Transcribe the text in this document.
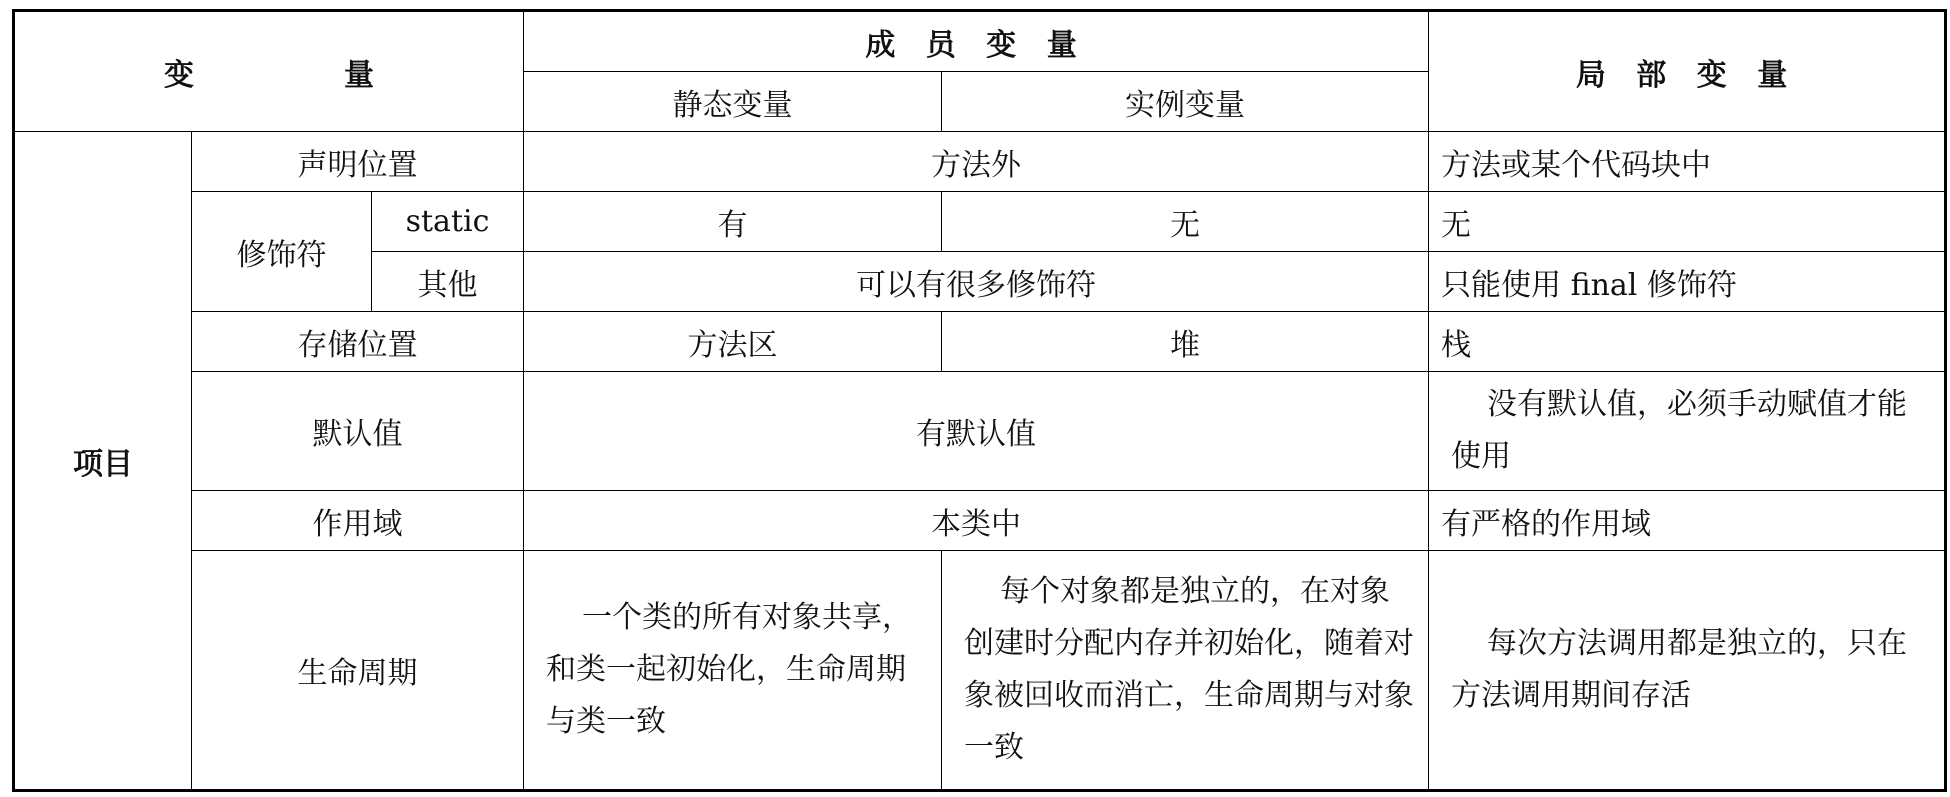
变　量			成 员 变 量		局 部 变 量
			静态变量	实例变量	
项目	声明位置		方法外		方法或某个代码块中
	修饰符	static	有	无	无
		其他	可以有很多修饰符		只能使用 final 修饰符
	存储位置		方法区	堆	栈
	默认值		有默认值		没有默认值，必须手动赋值才能使用
	作用域		本类中		有严格的作用域
	生命周期		一个类的所有对象共享，和类一起初始化，生命周期与类一致	每个对象都是独立的，在对象创建时分配内存并初始化，随着对象被回收而消亡，生命周期与对象一致	每次方法调用都是独立的，只在方法调用期间存活
